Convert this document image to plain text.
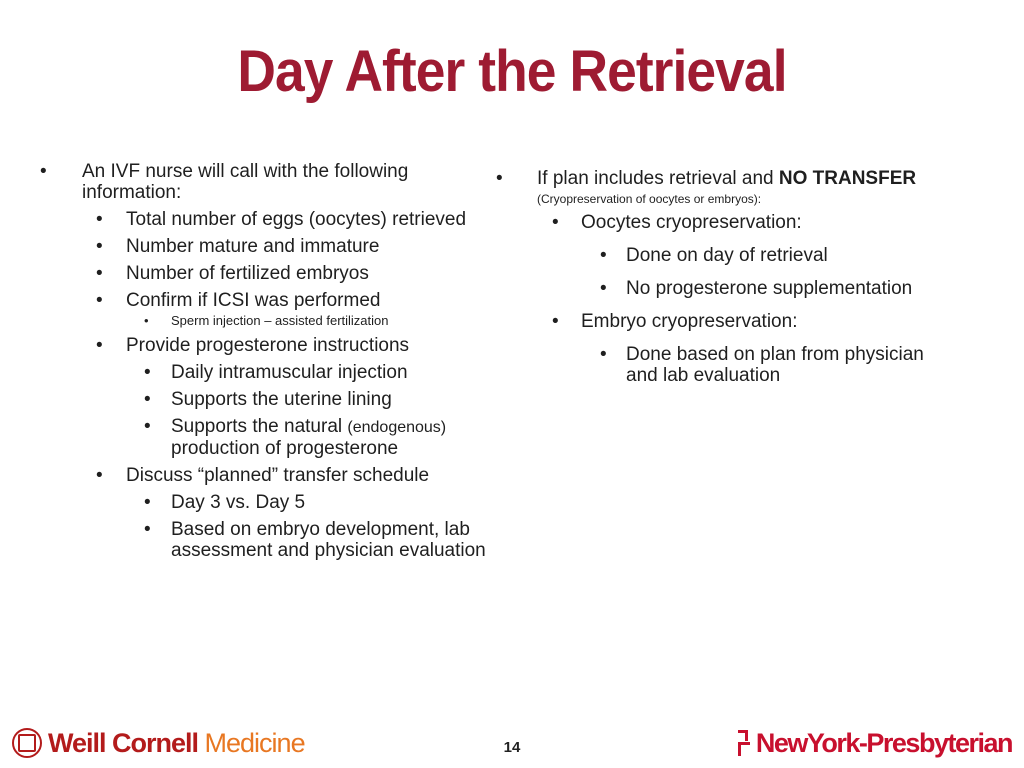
Day After the Retrieval
• An IVF nurse will call with the following
information:
• Total number of eggs (oocytes) retrieved
• Number mature and immature
• Number of fertilized embryos
• Confirm if ICSI was performed
• Sperm injection – assisted fertilization
• Provide progesterone instructions
• Daily intramuscular injection
• Supports the uterine lining
• Supports the natural (endogenous)
production of progesterone
• Discuss “planned” transfer schedule
• Day 3 vs. Day 5
• Based on embryo development, lab
assessment and physician evaluation
• If plan includes retrieval and NO TRANSFER
(Cryopreservation of oocytes or embryos):
• Oocytes cryopreservation:
• Done on day of retrieval
• No progesterone supplementation
• Embryo cryopreservation:
• Done based on plan from physician
and lab evaluation
Weill Cornell Medicine	14	NewYork-Presbyterian
